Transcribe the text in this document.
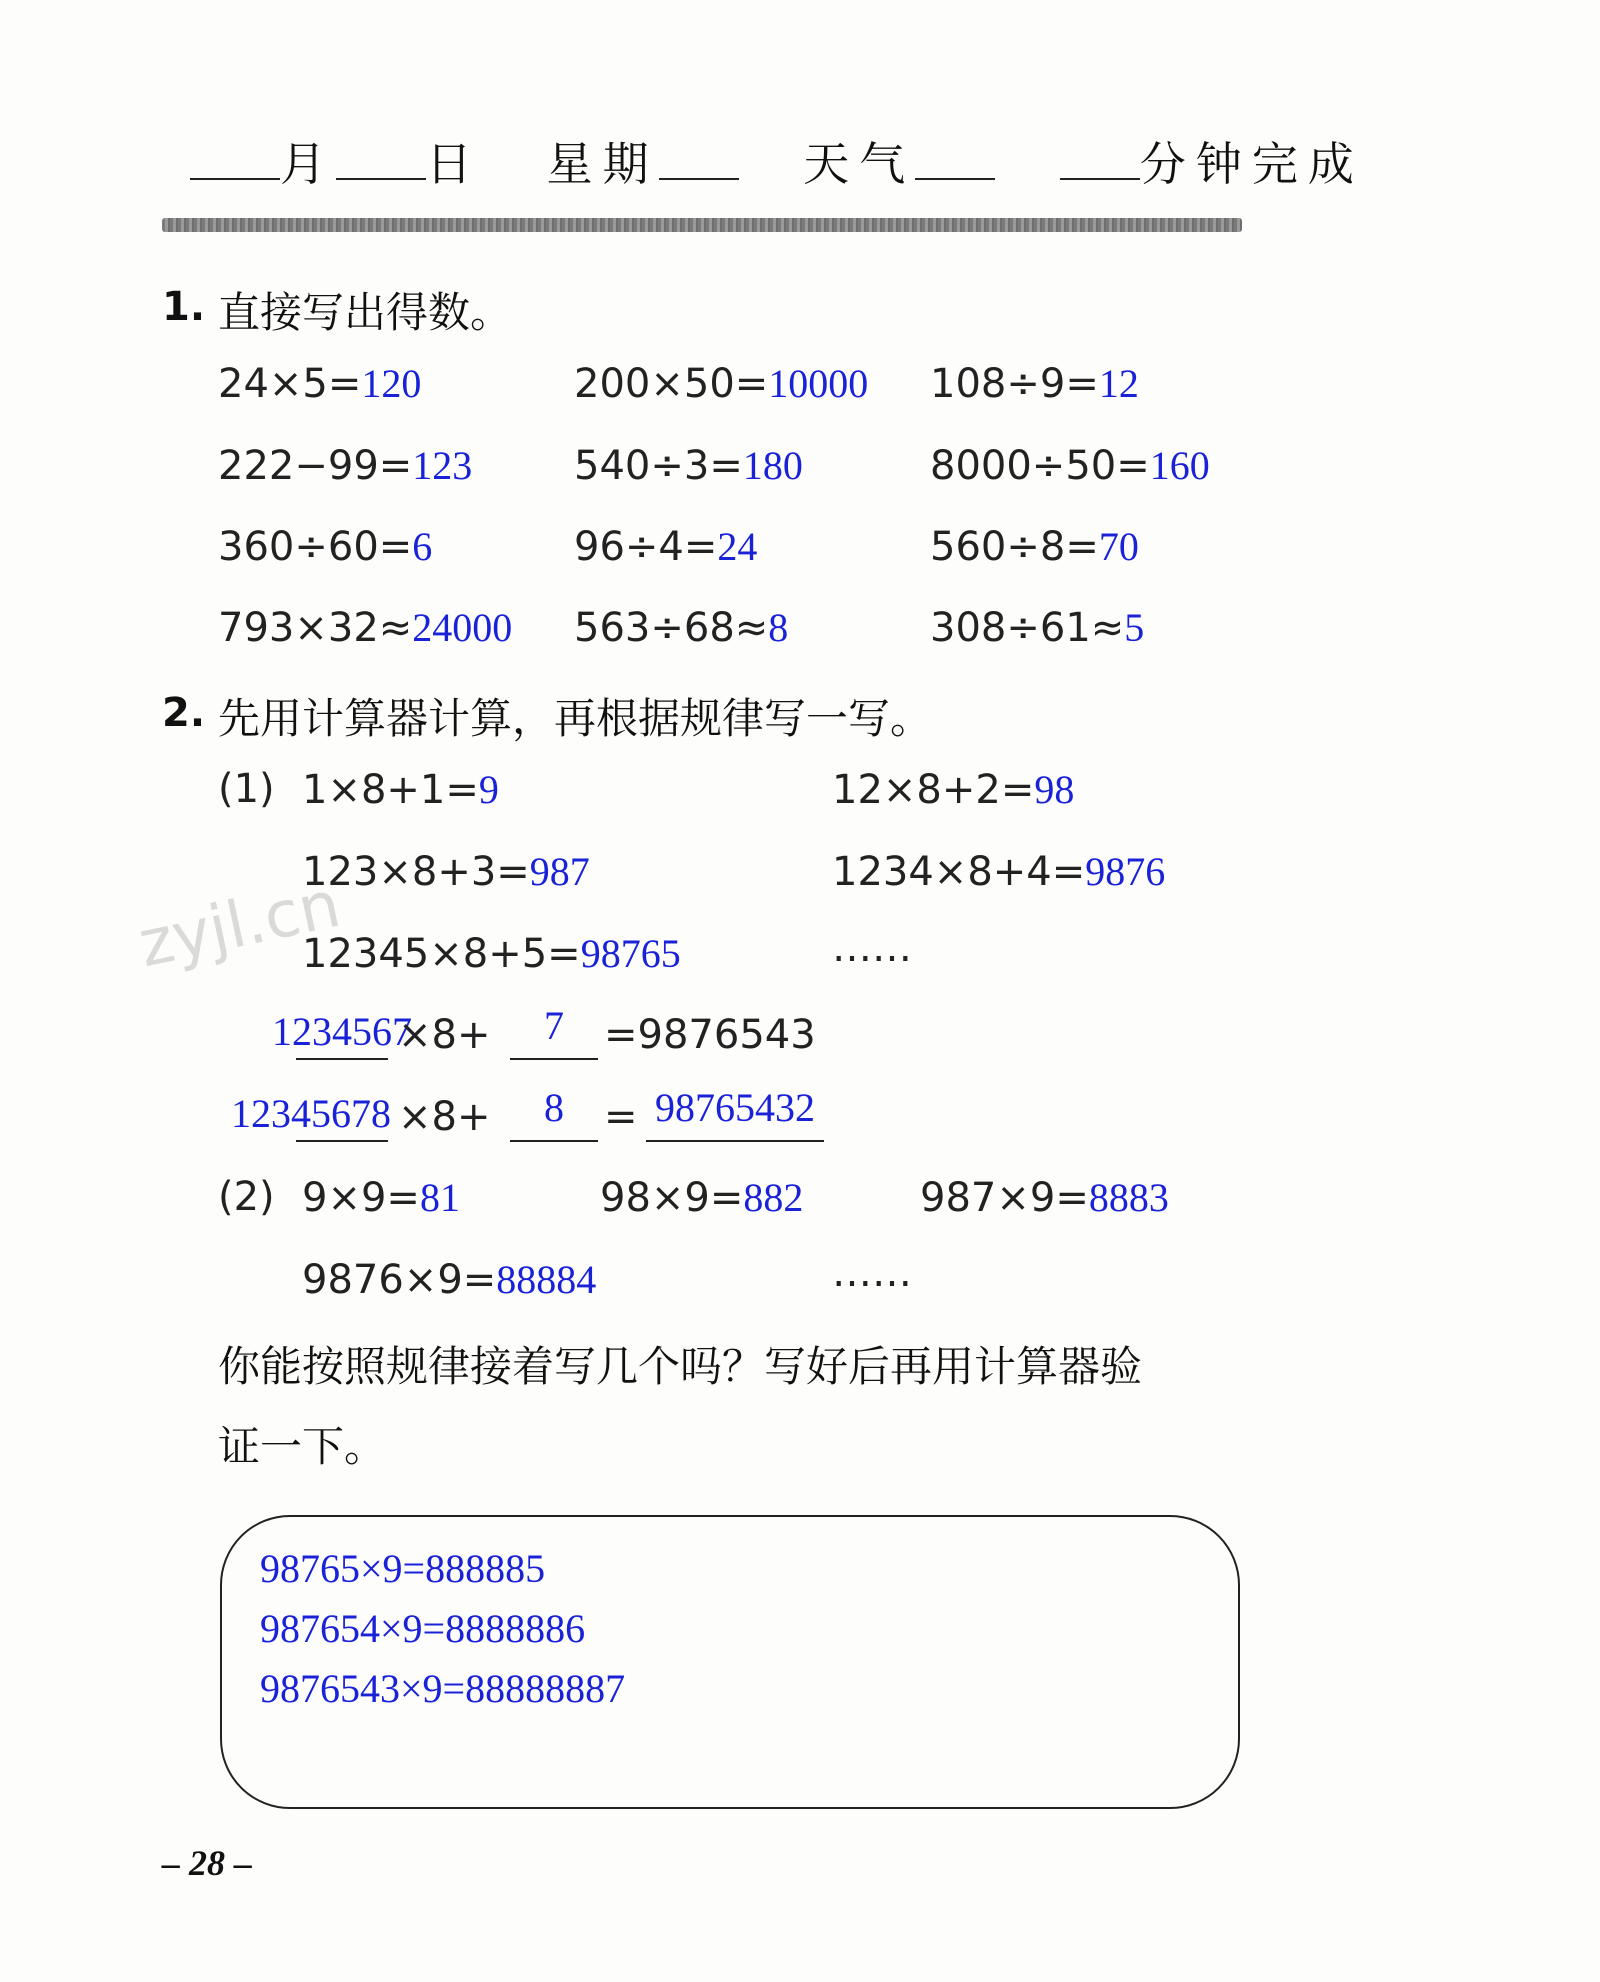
月 日 星期	天气	分钟完成
1. 直接写出得数。
24×5=120	200×50=10000 108÷9=12
222−99=123	540÷3=180	8000÷50=160
360÷60=6	96÷4=24	560÷8=70
793×32≈24000 563÷68≈8	308÷61≈5
2. 先用计算器计算，再根据规律写一写。
(1) 1×8+1=9	12×8+2=98
123×8+3=987	1234×8+4=9876
12345×8+5=98765	……
1234567
×8+	7	=9876543
12345678 ×8+	8	= 98765432
(2) 9×9=81	98×9=882	987×9=8883
9876×9=88884	……
你能按照规律接着写几个吗？写好后再用计算器验
证一下。
98765×9=888885
987654×9=8888886
9876543×9=88888887
zyjl.cn
– 28 –
